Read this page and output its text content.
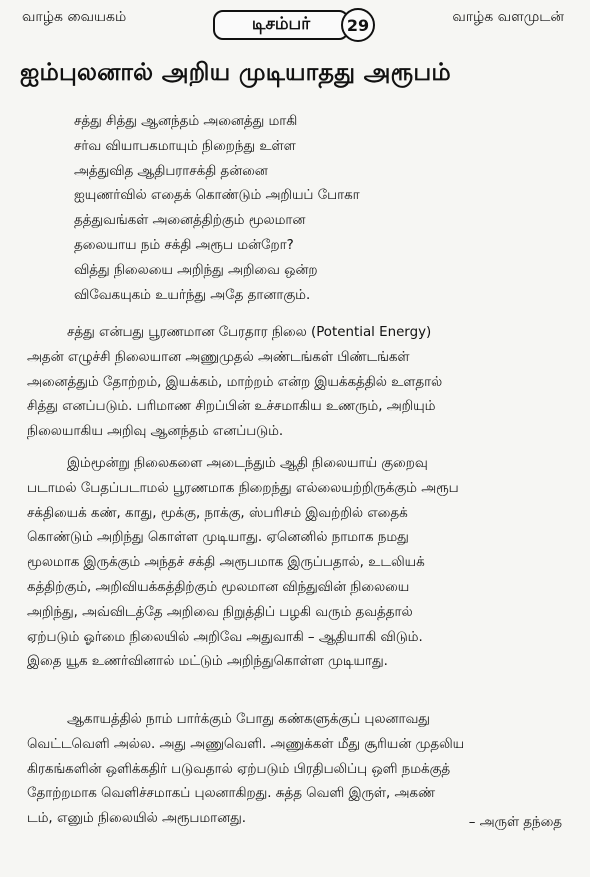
வாழ்க வையகம்	டிசம்பர்	29	வாழ்க வளமுடன்
ஐம்புலனால் அறிய முடியாதது அரூபம்
சத்து சித்து ஆனந்தம் அனைத்து மாகி
சர்வ வியாபகமாயும் நிறைந்து உள்ள
அத்துவித ஆதிபராசக்தி தன்னை
ஐயுணர்வில் எதைக் கொண்டும் அறியப் போகா
தத்துவங்கள் அனைத்திற்கும் மூலமான
தலையாய நம் சக்தி அரூப மன்றோ?
வித்து நிலையை அறிந்து அறிவை ஒன்ற
விவேகயுகம் உயர்ந்து அதே தானாகும்.
சத்து என்பது பூரணமான பேரதார நிலை (Potential Energy)
அதன் எழுச்சி நிலையான அணுமுதல் அண்டங்கள் பிண்டங்கள்
அனைத்தும் தோற்றம், இயக்கம், மாற்றம் என்ற இயக்கத்தில் உளதால்
சித்து எனப்படும். பரிமாண சிறப்பின் உச்சமாகிய உணரும், அறியும்
நிலையாகிய அறிவு ஆனந்தம் எனப்படும்.
இம்மூன்று நிலைகளை அடைந்தும் ஆதி நிலையாய் குறைவு
படாமல் பேதப்படாமல் பூரணமாக நிறைந்து எல்லையற்றிருக்கும் அரூப
சக்தியைக் கண், காது, மூக்கு, நாக்கு, ஸ்பரிசம் இவற்றில் எதைக்
கொண்டும் அறிந்து கொள்ள முடியாது. ஏனெனில் நாமாக நமது
மூலமாக இருக்கும் அந்தச் சக்தி அரூபமாக இருப்பதால், உடலியக்
கத்திற்கும், அறிவியக்கத்திற்கும் மூலமான விந்துவின் நிலையை
அறிந்து, அவ்விடத்தே அறிவை நிறுத்திப் பழகி வரும் தவத்தால்
ஏற்படும் ஓர்மை நிலையில் அறிவே அதுவாகி – ஆதியாகி விடும்.
இதை யூக உணர்வினால் மட்டும் அறிந்துகொள்ள முடியாது.
ஆகாயத்தில் நாம் பார்க்கும் போது கண்களுக்குப் புலனாவது
வெட்டவெளி அல்ல. அது அணுவெளி. அணுக்கள் மீது சூரியன் முதலிய
கிரகங்களின் ஒளிக்கதிர் படுவதால் ஏற்படும் பிரதிபலிப்பு ஒளி நமக்குத்
தோற்றமாக வெளிச்சமாகப் புலனாகிறது. சுத்த வெளி இருள், அகண்
டம், எனும் நிலையில் அரூபமானது.	– அருள் தந்தை
